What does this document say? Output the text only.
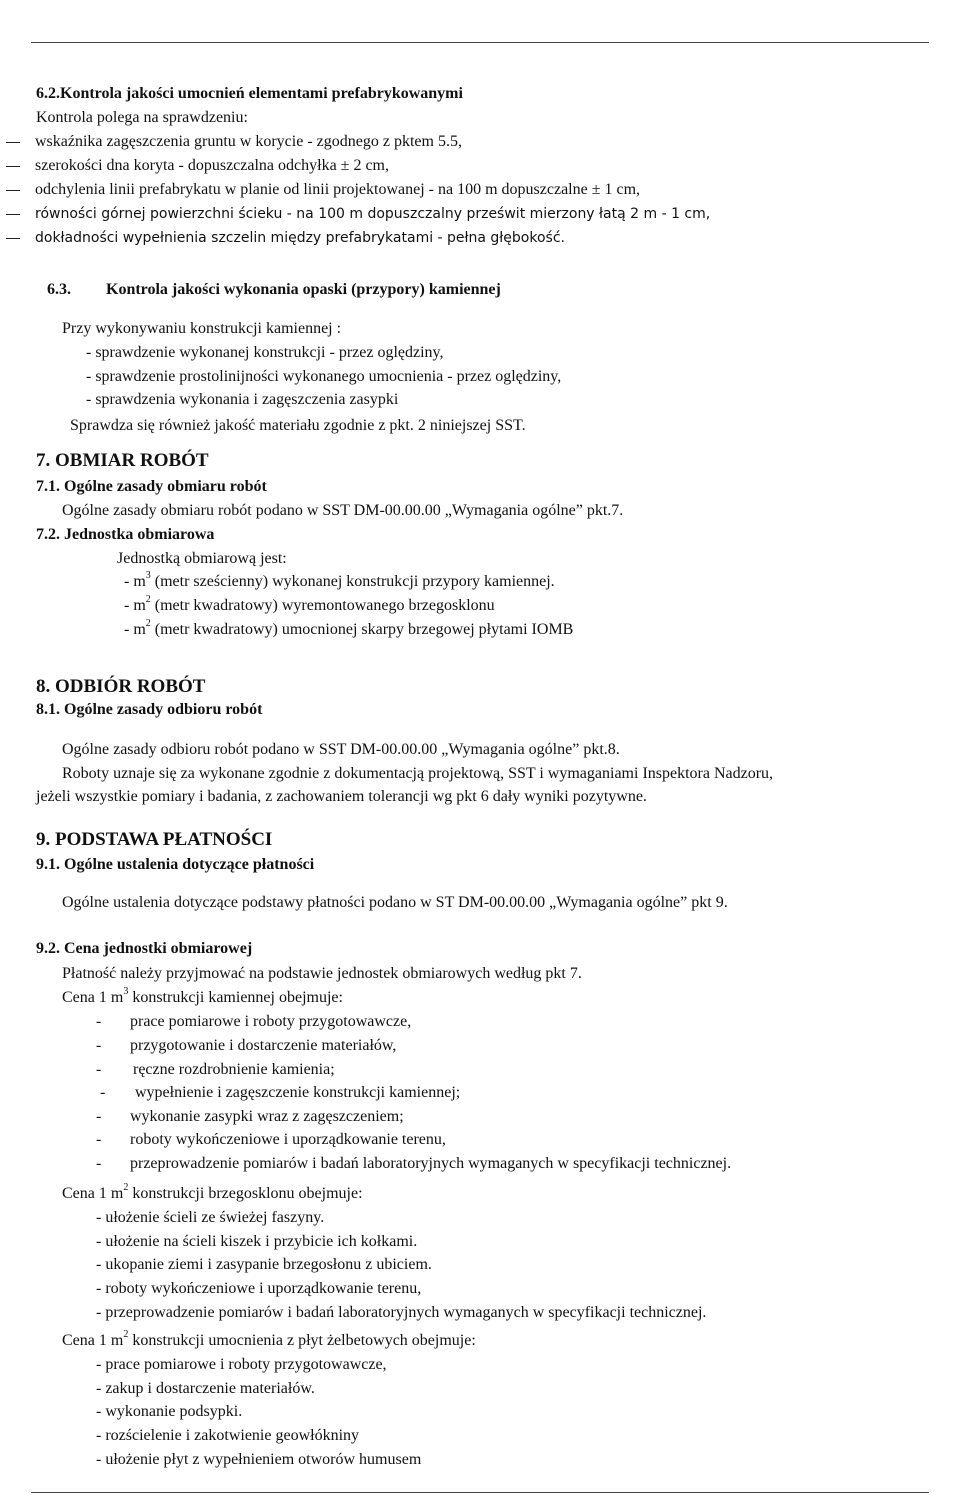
6.2.Kontrola jakości umocnień elementami prefabrykowanymi
Kontrola polega na sprawdzeniu:
wskaźnika zagęszczenia gruntu w korycie - zgodnego z pktem 5.5,
szerokości dna koryta - dopuszczalna odchyłka ± 2 cm,
odchylenia linii prefabrykatu w planie od linii projektowanej - na 100 m dopuszczalne ± 1 cm,
równości górnej powierzchni ścieku - na 100 m dopuszczalny prześwit mierzony łatą 2 m - 1 cm,
dokładności wypełnienia szczelin między prefabrykatami - pełna głębokość.
6.3. Kontrola jakości wykonania opaski (przypory) kamiennej
Przy wykonywaniu konstrukcji kamiennej :
- sprawdzenie wykonanej konstrukcji - przez oględziny,
- sprawdzenie prostolinijności wykonanego umocnienia - przez oględziny,
- sprawdzenia wykonania i zagęszczenia zasypki
Sprawdza się również jakość materiału zgodnie z pkt. 2 niniejszej SST.
7. OBMIAR ROBÓT
7.1. Ogólne zasady obmiaru robót
Ogólne zasady obmiaru robót podano w SST DM-00.00.00 „Wymagania ogólne” pkt.7.
7.2. Jednostka obmiarowa
Jednostką obmiarową jest:
- $m^3$ (metr sześcienny) wykonanej konstrukcji przypory kamiennej.
- $m^2$ (metr kwadratowy) wyremontowanego brzegosklonu
- $m^2$ (metr kwadratowy) umocnionej skarpy brzegowej płytami IOMB
8. ODBIÓR ROBÓT
8.1. Ogólne zasady odbioru robót
Ogólne zasady odbioru robót podano w SST DM-00.00.00 „Wymagania ogólne” pkt.8.
Roboty uznaje się za wykonane zgodnie z dokumentacją projektową, SST i wymaganiami Inspektora Nadzoru,
jeżeli wszystkie pomiary i badania, z zachowaniem tolerancji wg pkt 6 dały wyniki pozytywne.
9. PODSTAWA PŁATNOŚCI
9.1. Ogólne ustalenia dotyczące płatności
Ogólne ustalenia dotyczące podstawy płatności podano w ST DM-00.00.00 „Wymagania ogólne” pkt 9.
9.2. Cena jednostki obmiarowej
Płatność należy przyjmować na podstawie jednostek obmiarowych według pkt 7.
Cena 1 $m^3$ konstrukcji kamiennej obejmuje:
- prace pomiarowe i roboty przygotowawcze,
- przygotowanie i dostarczenie materiałów,
- ręczne rozdrobnienie kamienia;
- wypełnienie i zagęszczenie konstrukcji kamiennej;
- wykonanie zasypki wraz z zagęszczeniem;
- roboty wykończeniowe i uporządkowanie terenu,
- przeprowadzenie pomiarów i badań laboratoryjnych wymaganych w specyfikacji technicznej.
Cena 1 $m^2$ konstrukcji brzegosklonu obejmuje:
- ułożenie ścieli ze świeżej faszyny.
- ułożenie na ścieli kiszek i przybicie ich kołkami.
- ukopanie ziemi i zasypanie brzegosłonu z ubiciem.
- roboty wykończeniowe i uporządkowanie terenu,
- przeprowadzenie pomiarów i badań laboratoryjnych wymaganych w specyfikacji technicznej.
Cena 1 $m^2$ konstrukcji umocnienia z płyt żelbetowych obejmuje:
- prace pomiarowe i roboty przygotowawcze,
- zakup i dostarczenie materiałów.
- wykonanie podsypki.
- rozścielenie i zakotwienie geowłókniny
- ułożenie płyt z wypełnieniem otworów humusem
